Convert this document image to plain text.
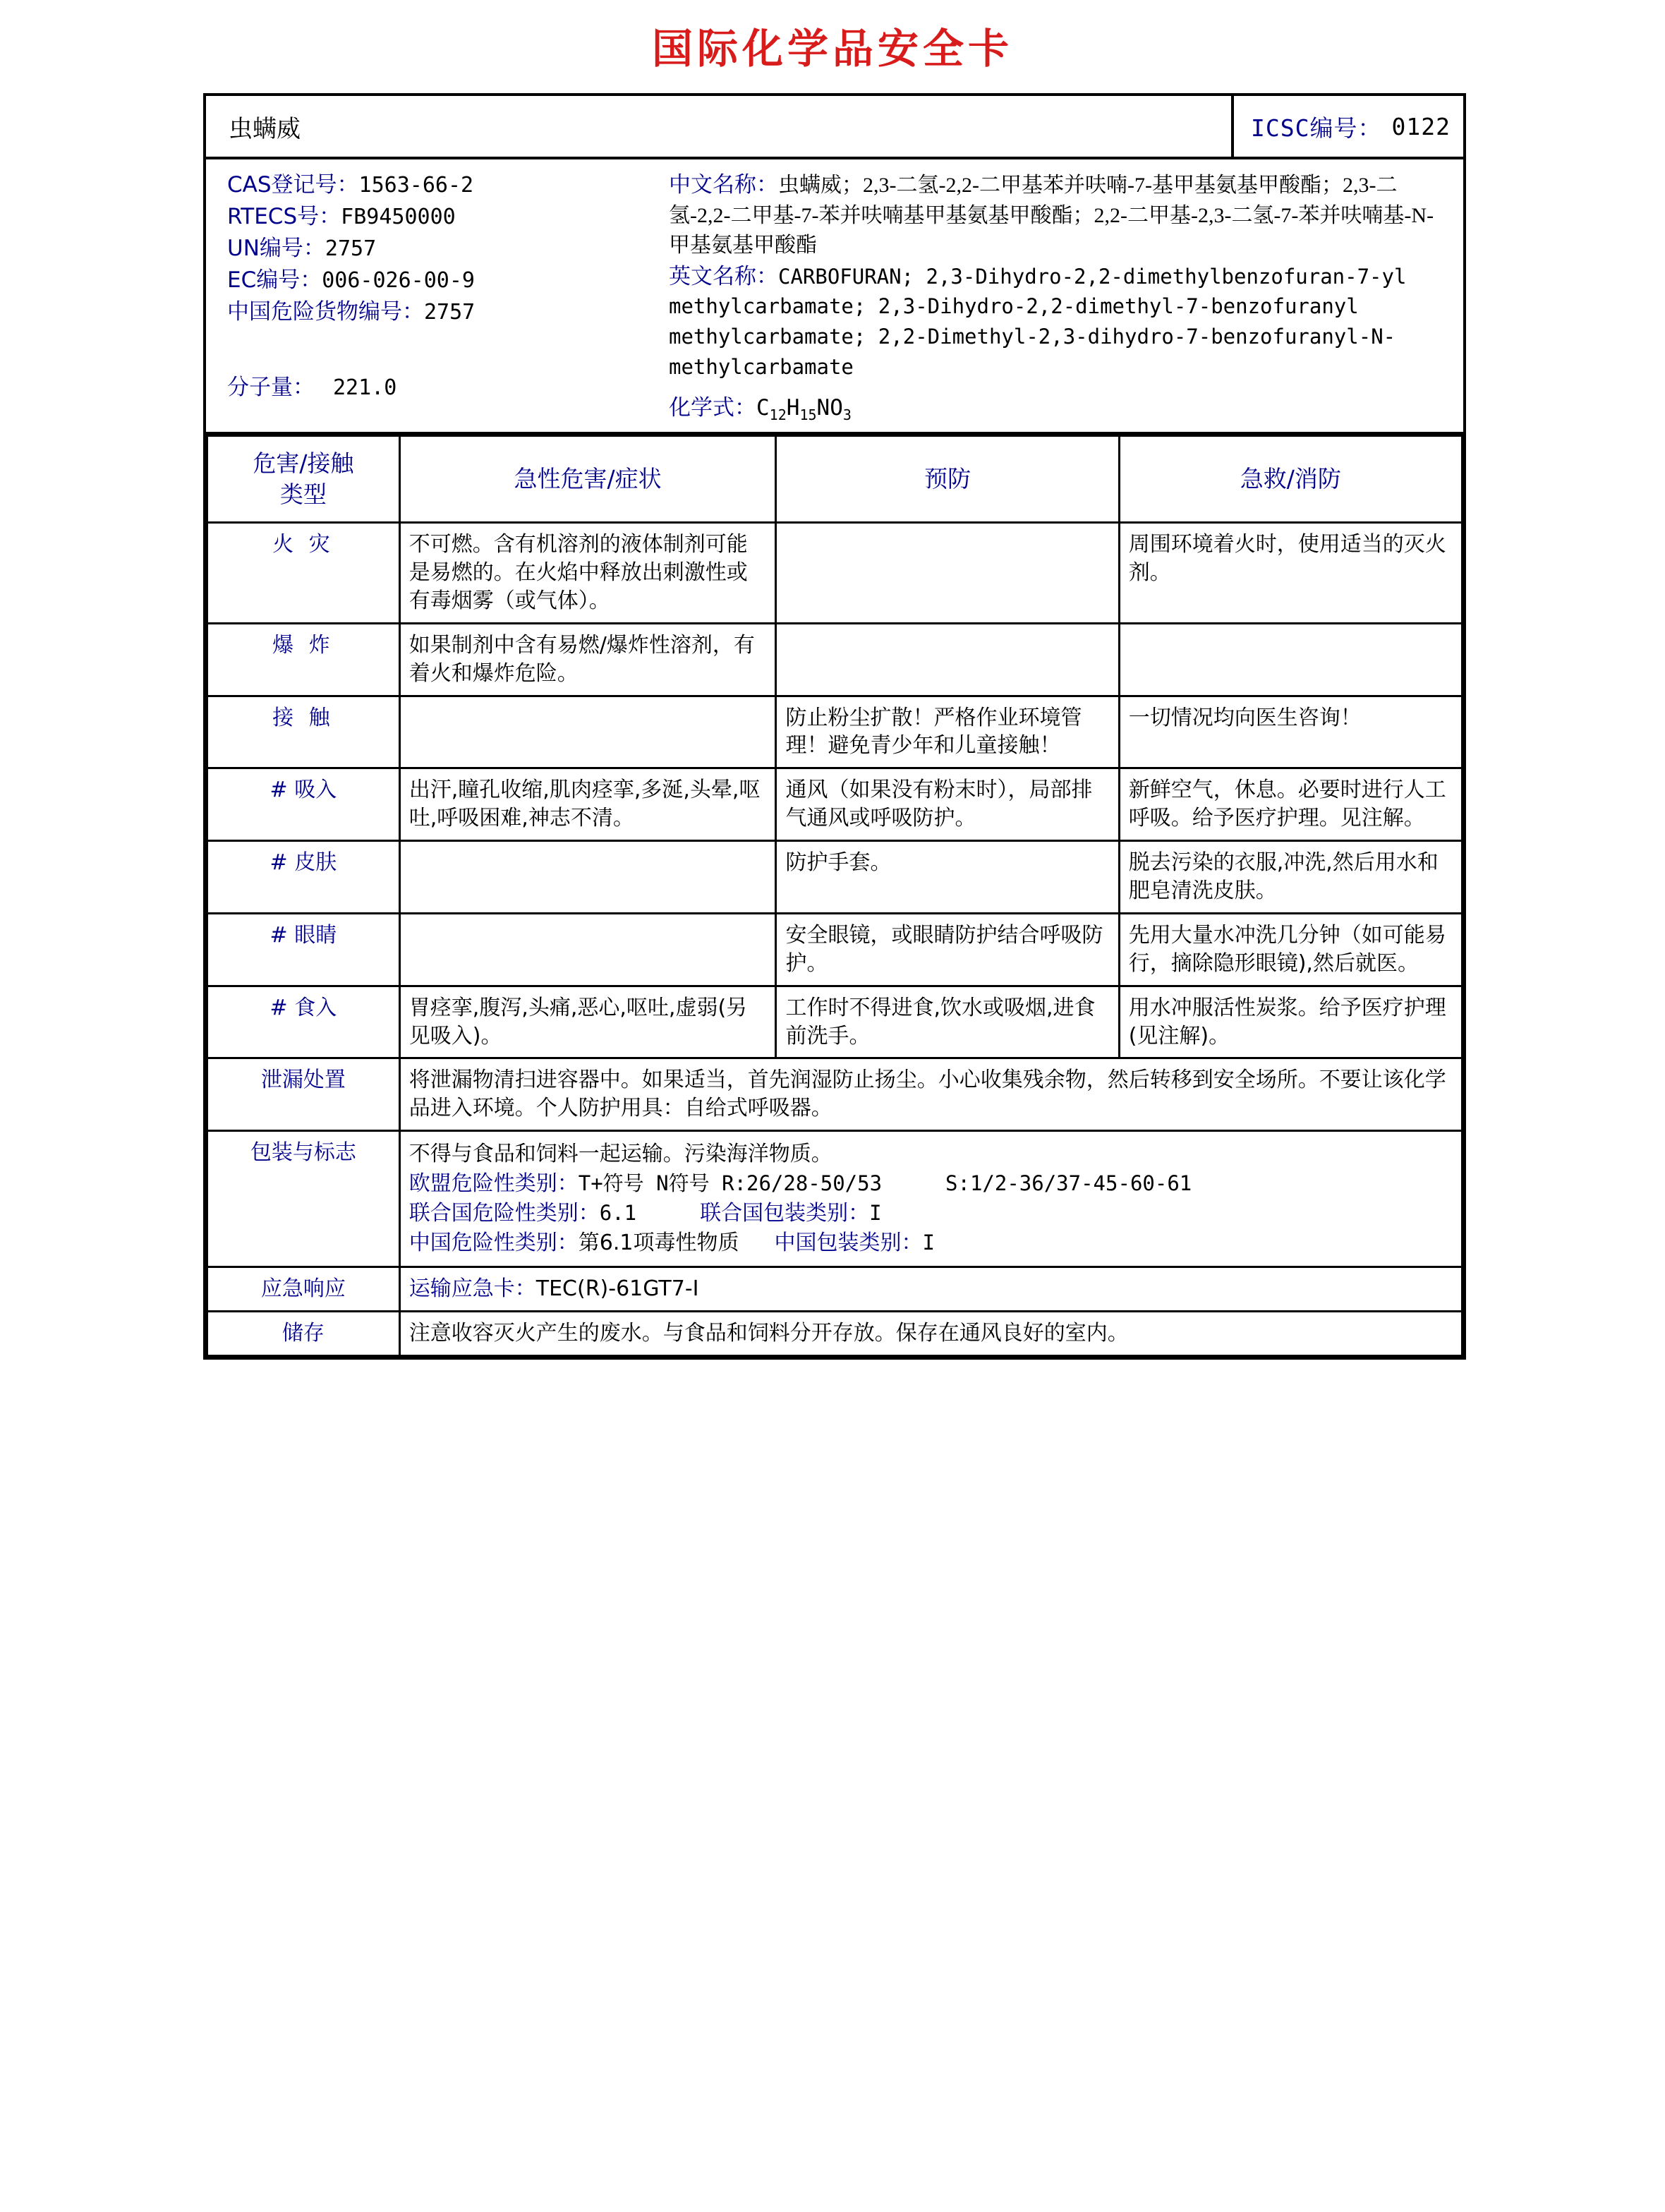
国际化学品安全卡
虫螨威	ICSC编号： 0122
CAS登记号：1563-66-2
RTECS号：FB9450000
UN编号：2757
EC编号：006-026-00-9
中国危险货物编号：2757
分子量： 221.0
中文名称：虫螨威；2,3-二氢-2,2-二甲基苯并呋喃-7-基甲基氨基甲酸酯；2,3-二氢-2,2-二甲基-7-苯并呋喃基甲基氨基甲酸酯；2,2-二甲基-2,3-二氢-7-苯并呋喃基-N-甲基氨基甲酸酯
英文名称：CARBOFURAN; 2,3-Dihydro-2,2-dimethylbenzofuran-7-yl methylcarbamate; 2,3-Dihydro-2,2-dimethyl-7-benzofuranyl methylcarbamate; 2,2-Dimethyl-2,3-dihydro-7-benzofuranyl-N-methylcarbamate
化学式：$C_{12}H_{15}NO_3$
危害/接触
类型	急性危害/症状	预防	急救/消防
火 灾	不可燃。含有机溶剂的液体制剂可能是易燃的。在火焰中释放出刺激性或有毒烟雾（或气体）。		周围环境着火时，使用适当的灭火剂。
爆 炸	如果制剂中含有易燃/爆炸性溶剂，有着火和爆炸危险。		
接 触		防止粉尘扩散！严格作业环境管理！避免青少年和儿童接触！	一切情况均向医生咨询！
# 吸入	出汗,瞳孔收缩,肌肉痉挛,多涎,头晕,呕吐,呼吸困难,神志不清。	通风（如果没有粉末时），局部排气通风或呼吸防护。	新鲜空气，休息。必要时进行人工呼吸。给予医疗护理。见注解。
# 皮肤		防护手套。	脱去污染的衣服,冲洗,然后用水和肥皂清洗皮肤。
# 眼睛		安全眼镜，或眼睛防护结合呼吸防护。	先用大量水冲洗几分钟（如可能易行，摘除隐形眼镜),然后就医。
# 食入	胃痉挛,腹泻,头痛,恶心,呕吐,虚弱(另见吸入)。	工作时不得进食,饮水或吸烟,进食前洗手。	用水冲服活性炭浆。给予医疗护理(见注解)。
泄漏处置	将泄漏物清扫进容器中。如果适当，首先润湿防止扬尘。小心收集残余物，然后转移到安全场所。不要让该化学品进入环境。个人防护用具：自给式呼吸器。		
包装与标志	不得与食品和饲料一起运输。污染海洋物质。
欧盟危险性类别：T+符号 N符号 R:26/28-50/53 S:1/2-36/37-45-60-61
联合国危险性类别：6.1 联合国包装类别：I
中国危险性类别：第6.1项毒性物质 中国包装类别：I		

应急响应	运输应急卡：TEC(R)-61GT7-I		
储存	注意收容灭火产生的废水。与食品和饲料分开存放。保存在通风良好的室内。		
